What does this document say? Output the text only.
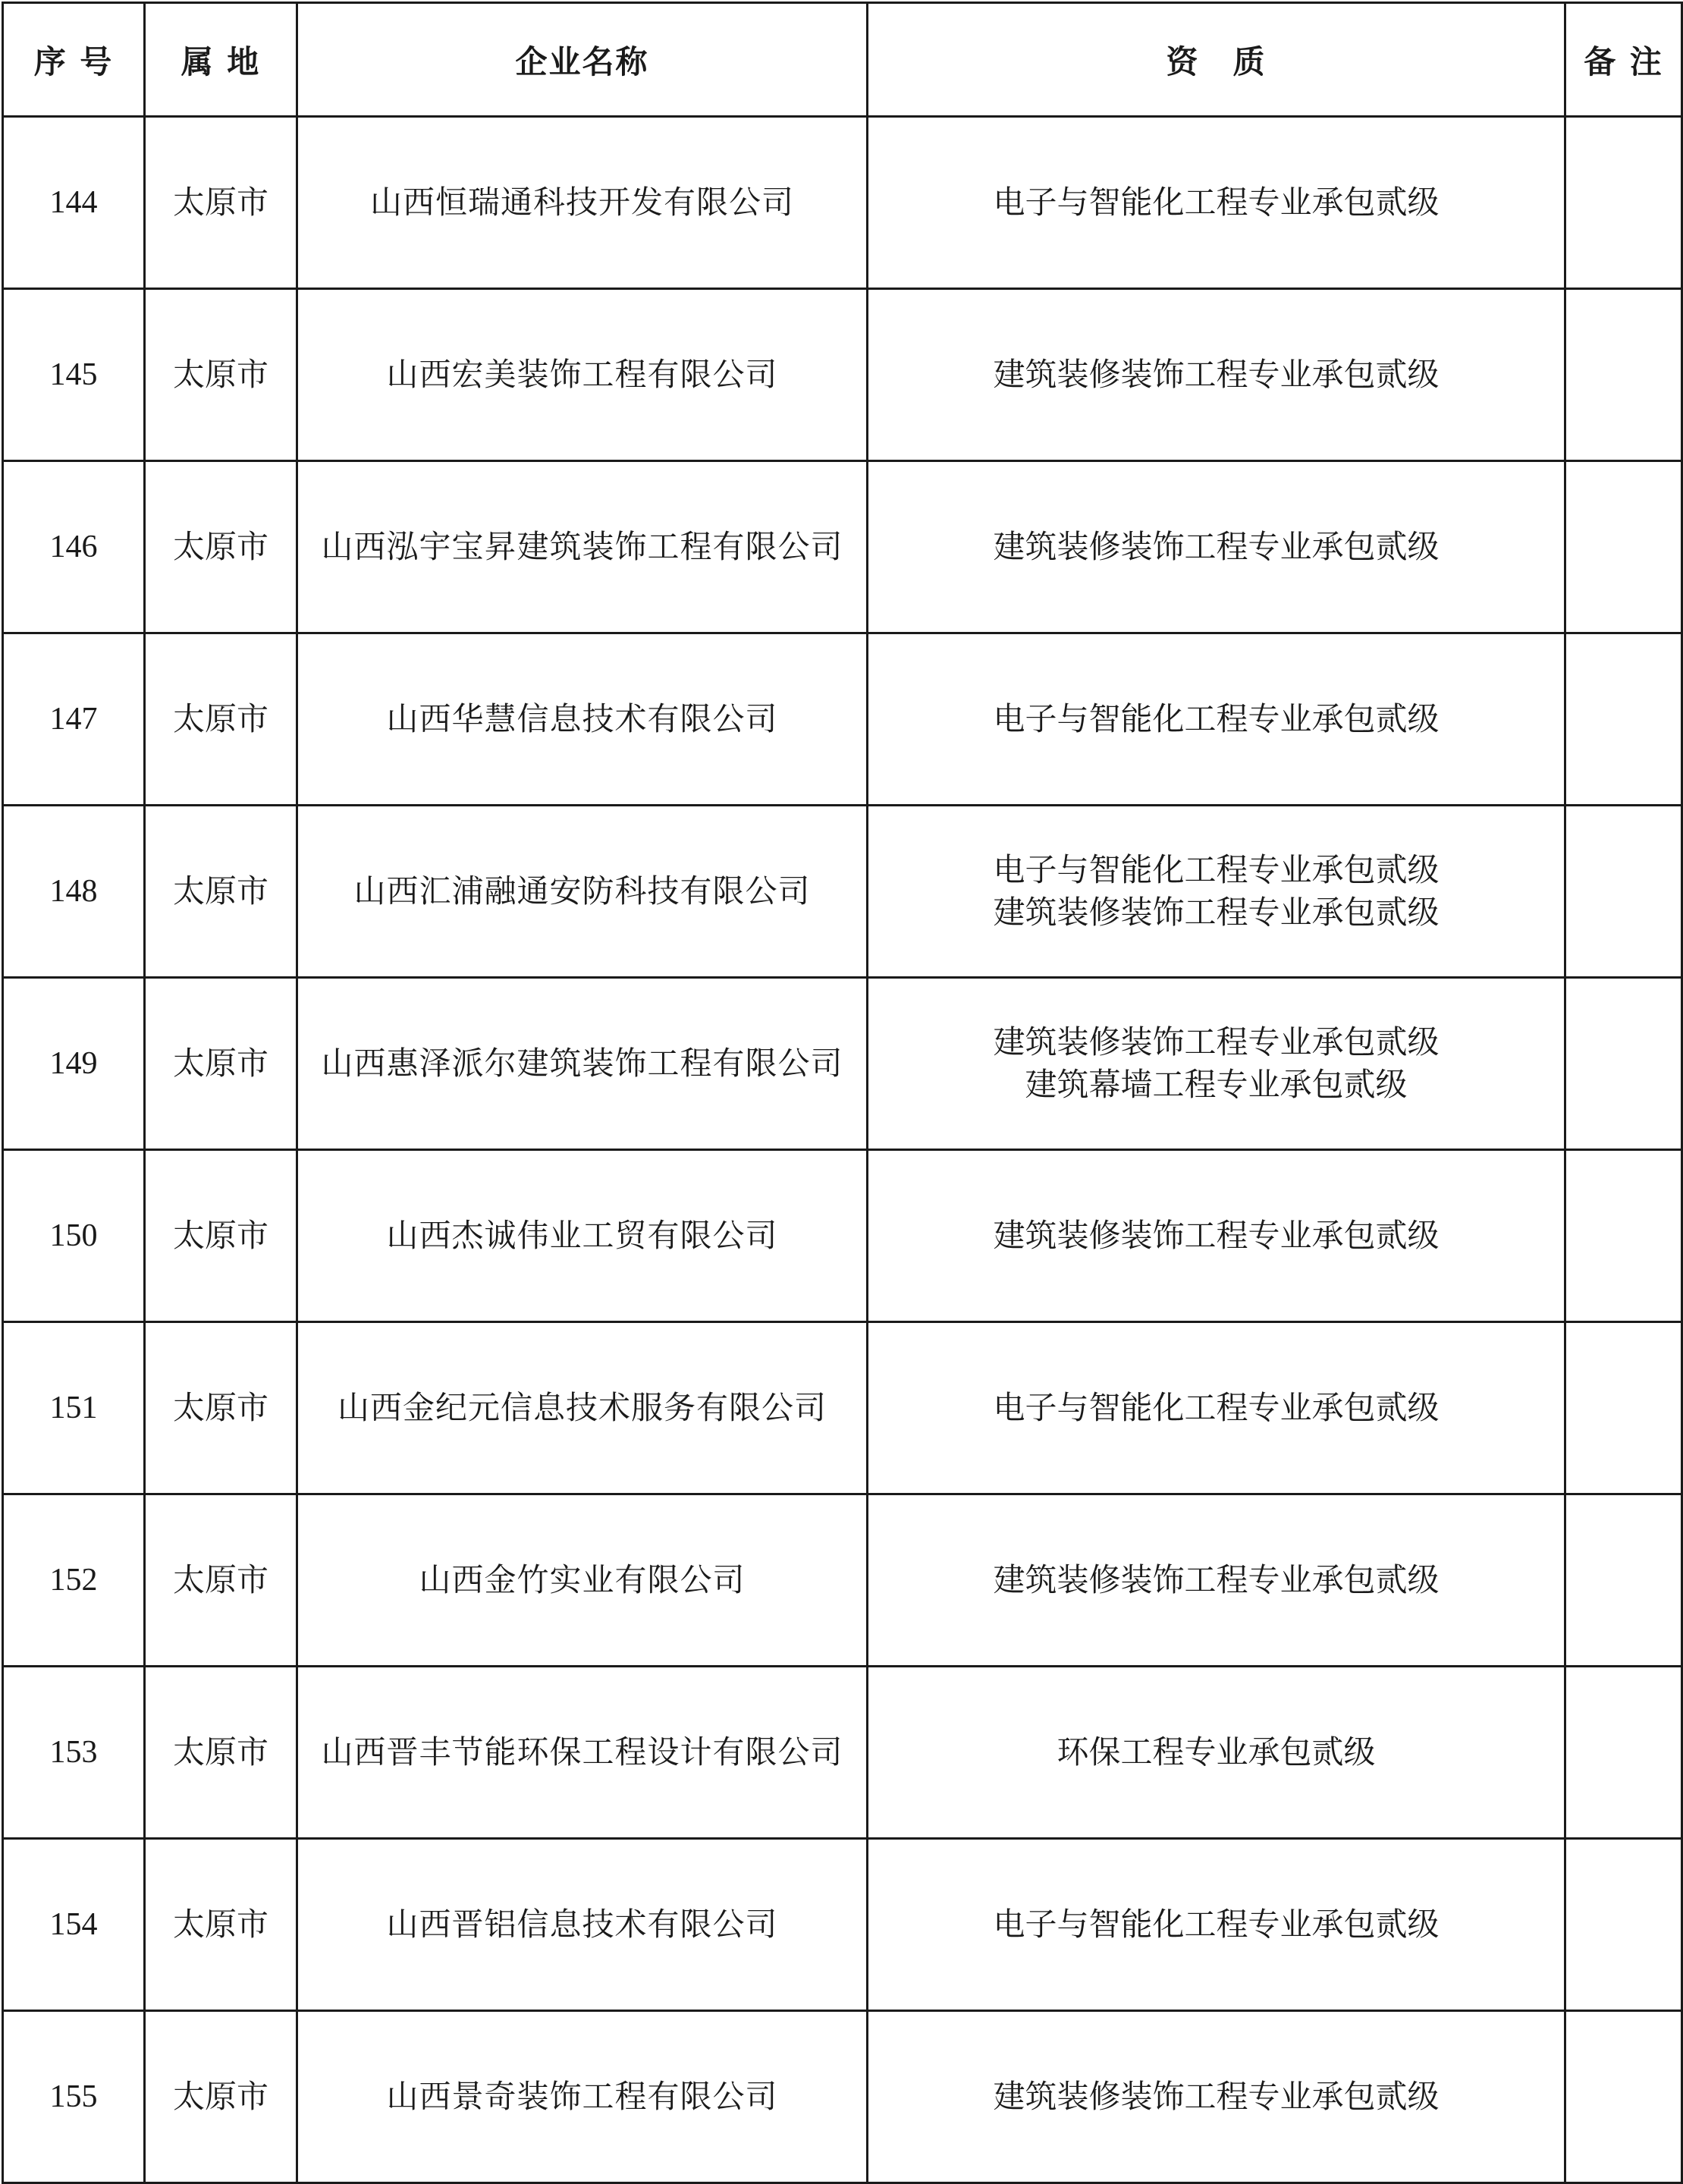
序 号	属 地	企业名称	资　质	备 注
144	太原市	山西恒瑞通科技开发有限公司	电子与智能化工程专业承包贰级	

145	太原市	山西宏美装饰工程有限公司	建筑装修装饰工程专业承包贰级	

146	太原市	山西泓宇宝昇建筑装饰工程有限公司	建筑装修装饰工程专业承包贰级	

147	太原市	山西华慧信息技术有限公司	电子与智能化工程专业承包贰级	

148	太原市	山西汇浦融通安防科技有限公司	电子与智能化工程专业承包贰级
建筑装修装饰工程专业承包贰级	

149	太原市	山西惠泽派尔建筑装饰工程有限公司	建筑装修装饰工程专业承包贰级
建筑幕墙工程专业承包贰级	

150	太原市	山西杰诚伟业工贸有限公司	建筑装修装饰工程专业承包贰级	

151	太原市	山西金纪元信息技术服务有限公司	电子与智能化工程专业承包贰级	

152	太原市	山西金竹实业有限公司	建筑装修装饰工程专业承包贰级	

153	太原市	山西晋丰节能环保工程设计有限公司	环保工程专业承包贰级	

154	太原市	山西晋铝信息技术有限公司	电子与智能化工程专业承包贰级	

155	太原市	山西景奇装饰工程有限公司	建筑装修装饰工程专业承包贰级	
